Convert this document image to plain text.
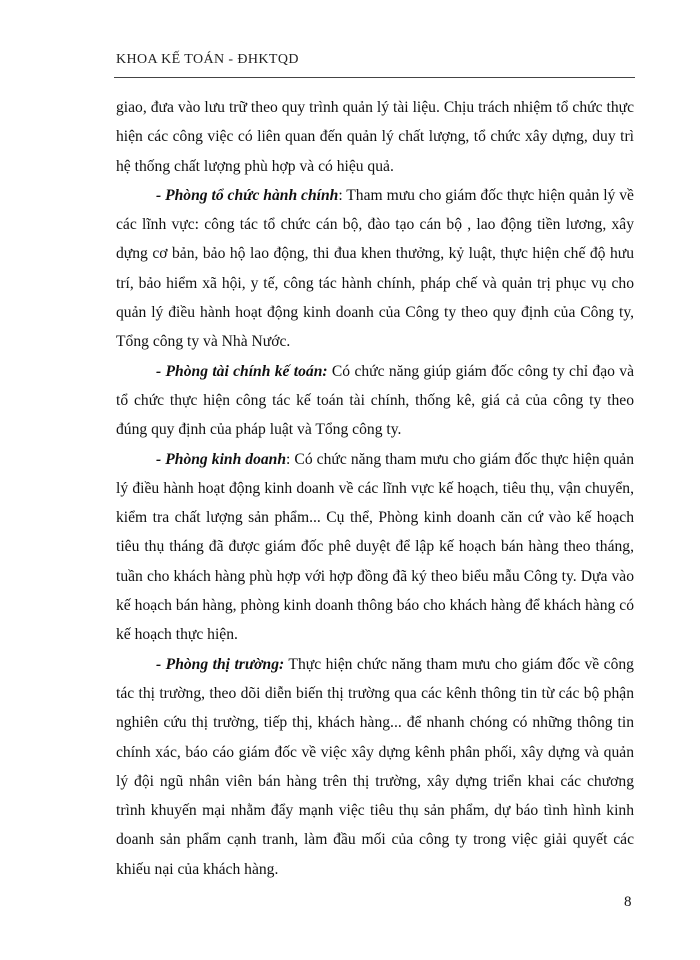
KHOA KẾ TOÁN - ĐHKTQD

giao, đưa vào lưu trữ theo quy trình quản lý tài liệu. Chịu trách nhiệm tổ chức thực hiện các công việc có liên quan đến quản lý chất lượng, tổ chức xây dựng, duy trì hệ thống chất lượng phù hợp và có hiệu quả.

- Phòng tổ chức hành chính: Tham mưu cho giám đốc thực hiện quản lý về các lĩnh vực: công tác tổ chức cán bộ, đào tạo cán bộ , lao động tiền lương, xây dựng cơ bản, bảo hộ lao động, thi đua khen thưởng, kỷ luật, thực hiện chế độ hưu trí, bảo hiểm xã hội, y tế, công tác hành chính, pháp chế và quản trị phục vụ cho quản lý điều hành hoạt động kinh doanh của Công ty theo quy định của Công ty, Tổng công ty và Nhà Nước.

- Phòng tài chính kế toán: Có chức năng giúp giám đốc công ty chỉ đạo và tổ chức thực hiện công tác kế toán tài chính, thống kê, giá cả của công ty theo đúng quy định của pháp luật và Tổng công ty.

- Phòng kinh doanh: Có chức năng tham mưu cho giám đốc thực hiện quản lý điều hành hoạt động kinh doanh về các lĩnh vực kế hoạch, tiêu thụ, vận chuyển, kiểm tra chất lượng sản phẩm... Cụ thể, Phòng kinh doanh căn cứ vào kế hoạch tiêu thụ tháng đã được giám đốc phê duyệt để lập kế hoạch bán hàng theo tháng, tuần cho khách hàng phù hợp với hợp đồng đã ký theo biểu mẫu Công ty. Dựa vào kế hoạch bán hàng, phòng kinh doanh thông báo cho khách hàng để khách hàng có kế hoạch thực hiện.

- Phòng thị trường: Thực hiện chức năng tham mưu cho giám đốc về công tác thị trường, theo dõi diễn biến thị trường qua các kênh thông tin từ các bộ phận nghiên cứu thị trường, tiếp thị, khách hàng... để nhanh chóng có những thông tin chính xác, báo cáo giám đốc về việc xây dựng kênh phân phối, xây dựng và quản lý đội ngũ nhân viên bán hàng trên thị trường, xây dựng triển khai các chương trình khuyến mại nhằm đẩy mạnh việc tiêu thụ sản phẩm, dự báo tình hình kinh doanh sản phẩm cạnh tranh, làm đầu mối của công ty trong việc giải quyết các khiếu nại của khách hàng.

8
